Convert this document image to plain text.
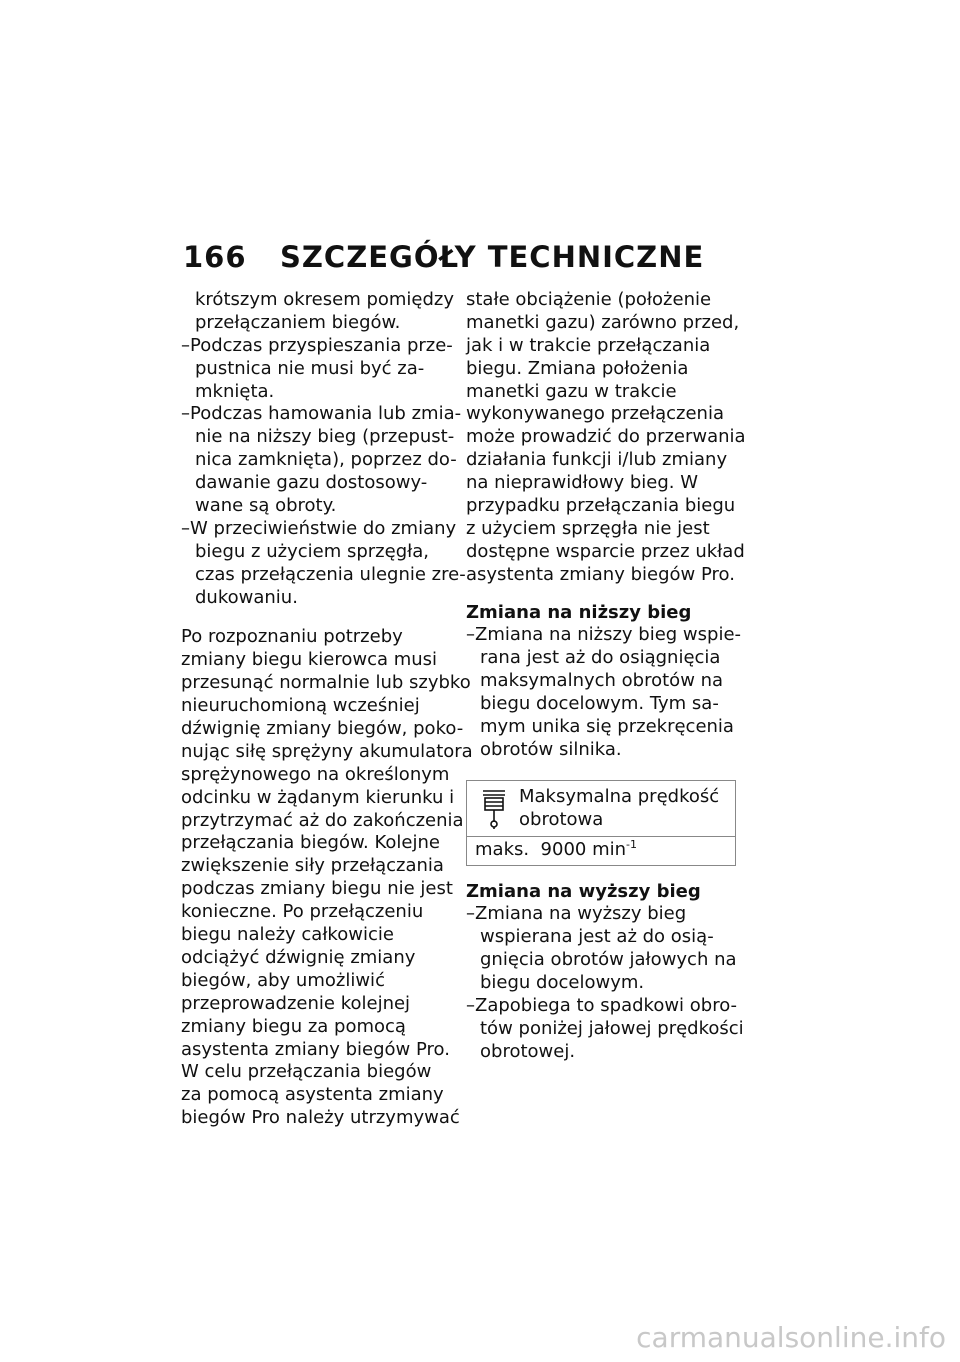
166 SZCZEGÓŁY TECHNICZNE
krótszym okresem pomiędzy
przełączaniem biegów.
–Podczas przyspieszania prze-
pustnica nie musi być za-
mknięta.
–Podczas hamowania lub zmia-
nie na niższy bieg (przepust-
nica zamknięta), poprzez do-
dawanie gazu dostosowy-
wane są obroty.
–W przeciwieństwie do zmiany
biegu z użyciem sprzęgła,
czas przełączenia ulegnie zre-
dukowaniu.
Po rozpoznaniu potrzeby
zmiany biegu kierowca musi
przesunąć normalnie lub szybko
nieuruchomioną wcześniej
dźwignię zmiany biegów, poko-
nując siłę sprężyny akumulatora
sprężynowego na określonym
odcinku w żądanym kierunku i
przytrzymać aż do zakończenia
przełączania biegów. Kolejne
zwiększenie siły przełączania
podczas zmiany biegu nie jest
konieczne. Po przełączeniu
biegu należy całkowicie
odciążyć dźwignię zmiany
biegów, aby umożliwić
przeprowadzenie kolejnej
zmiany biegu za pomocą
asystenta zmiany biegów Pro.
W celu przełączania biegów
za pomocą asystenta zmiany
biegów Pro należy utrzymywać
stałe obciążenie (położenie
manetki gazu) zarówno przed,
jak i w trakcie przełączania
biegu. Zmiana położenia
manetki gazu w trakcie
wykonywanego przełączenia
może prowadzić do przerwania
działania funkcji i/lub zmiany
na nieprawidłowy bieg. W
przypadku przełączania biegu
z użyciem sprzęgła nie jest
dostępne wsparcie przez układ
asystenta zmiany biegów Pro.
Zmiana na niższy bieg
–Zmiana na niższy bieg wspie-
rana jest aż do osiągnięcia
maksymalnych obrotów na
biegu docelowym. Tym sa-
mym unika się przekręcenia
obrotów silnika.
Maksymalna prędkość
obrotowa
maks. 9000 $\min^{-1}$
Zmiana na wyższy bieg
–Zmiana na wyższy bieg
wspierana jest aż do osią-
gnięcia obrotów jałowych na
biegu docelowym.
–Zapobiega to spadkowi obro-
tów poniżej jałowej prędkości
obrotowej.
carmanualsonline.info
